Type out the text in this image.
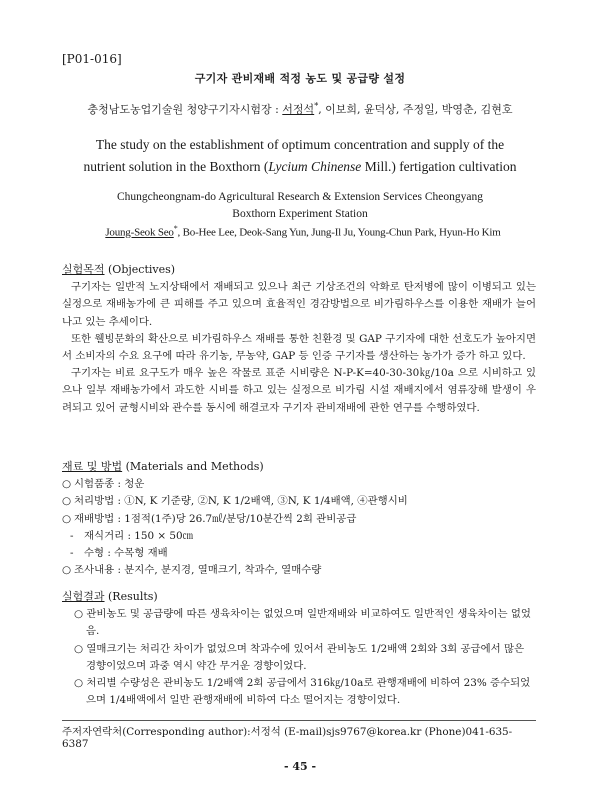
[P01-016]
구기자 관비재배 적정 농도 및 공급량 설정
충청남도농업기술원 청양구기자시험장 : 서정석*, 이보희, 윤덕상, 주정일, 박영춘, 김현호
The study on the establishment of optimum concentration and supply of the
nutrient solution in the Boxthorn (Lycium Chinense Mill.) fertigation cultivation
Chungcheongnam-do Agricultural Research & Extension Services Cheongyang
Boxthorn Experiment Station
Joung-Seok Seo*, Bo-Hee Lee, Deok-Sang Yun, Jung-Il Ju, Young-Chun Park, Hyun-Ho Kim
실험목적 (Objectives)

구기자는 일반적 노지상태에서 재배되고 있으나 최근 기상조건의 악화로 탄저병에 많이 이병되고 있는 실정으로 재배농가에 큰 피해를 주고 있으며 효율적인 경감방법으로 비가림하우스를 이용한 재배가 늘어나고 있는 추세이다.

또한 웰빙문화의 확산으로 비가림하우스 재배를 통한 친환경 및 GAP 구기자에 대한 선호도가 높아지면서 소비자의 수요 요구에 따라 유기농, 무농약, GAP 등 인증 구기자를 생산하는 농가가 증가 하고 있다.

구기자는 비료 요구도가 매우 높은 작물로 표준 시비량은 N-P-K=40-30-30㎏/10a 으로 시비하고 있으나 일부 재배농가에서 과도한 시비를 하고 있는 실정으로 비가림 시설 재배지에서 염류장해 발생이 우려되고 있어 균형시비와 관수를 동시에 해결코자 구기자 관비재배에 관한 연구를 수행하였다.

재료 및 방법 (Materials and Methods)
○ 시험품종 : 청운
○ 처리방법 : ①N, K 기준량, ②N, K 1/2배액, ③N, K 1/4배액, ④관행시비
○ 재배방법 : 1점적(1주)당 26.7㎖/분당/10분간씩 2회 관비공급
- 재식거리 : 150 × 50㎝
- 수형 : 수목형 재배
○ 조사내용 : 분지수, 분지경, 열매크기, 착과수, 열매수량
실험결과 (Results)
○ 관비농도 및 공급량에 따른 생육차이는 없었으며 일반재배와 비교하여도 일반적인 생육차이는 없었음.
○ 열매크기는 처리간 차이가 없었으며 착과수에 있어서 관비농도 1/2배액 2회와 3회 공급에서 많은 경향이었으며 과중 역시 약간 무거운 경향이었다.
○ 처리별 수량성은 관비농도 1/2배액 2회 공급에서 316㎏/10a로 관행재배에 비하여 23% 증수되었으며 1/4배액에서 일반 관행재배에 비하여 다소 떨어지는 경향이었다.
주저자연락처(Corresponding author):서정석 (E-mail)sjs9767@korea.kr (Phone)041-635-6387
- 45 -
